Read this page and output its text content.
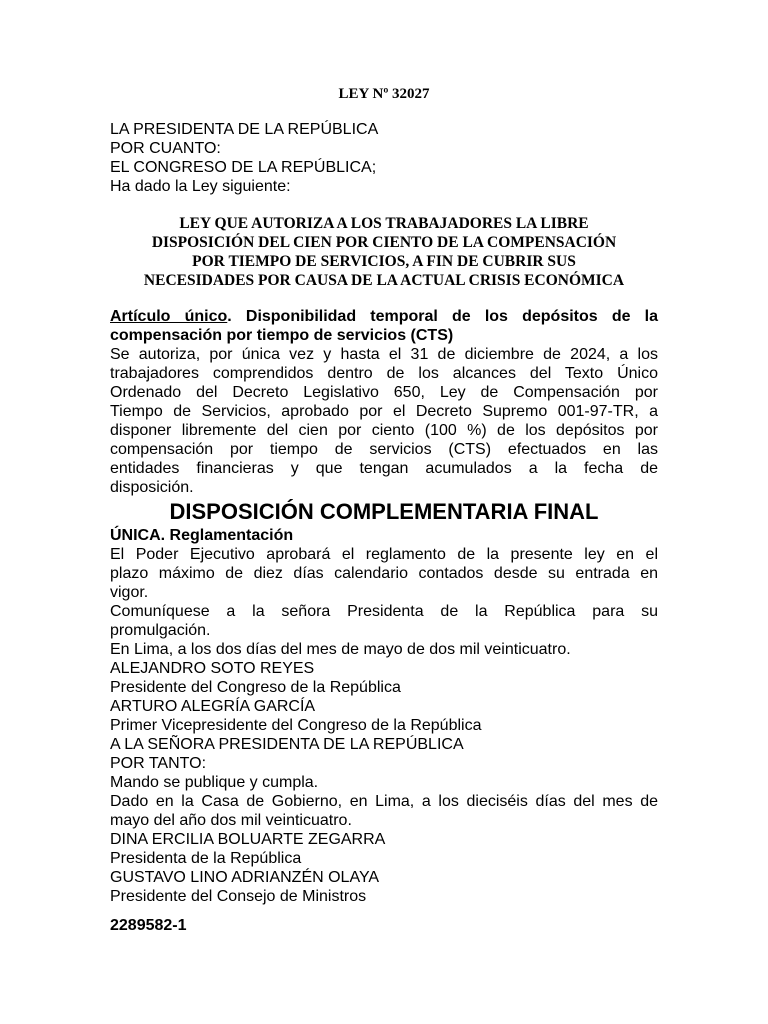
LEY Nº 32027
LA PRESIDENTA DE LA REPÚBLICA
POR CUANTO:
EL CONGRESO DE LA REPÚBLICA;
Ha dado la Ley siguiente:
LEY QUE AUTORIZA A LOS TRABAJADORES LA LIBRE
DISPOSICIÓN DEL CIEN POR CIENTO DE LA COMPENSACIÓN
POR TIEMPO DE SERVICIOS, A FIN DE CUBRIR SUS
NECESIDADES POR CAUSA DE LA ACTUAL CRISIS ECONÓMICA
Artículo único. Disponibilidad temporal de los depósitos de la
compensación por tiempo de servicios (CTS)
Se autoriza, por única vez y hasta el 31 de diciembre de 2024, a los
trabajadores comprendidos dentro de los alcances del Texto Único
Ordenado del Decreto Legislativo 650, Ley de Compensación por
Tiempo de Servicios, aprobado por el Decreto Supremo 001-97-TR, a
disponer libremente del cien por ciento (100 %) de los depósitos por
compensación por tiempo de servicios (CTS) efectuados en las
entidades financieras y que tengan acumulados a la fecha de
disposición.
DISPOSICIÓN COMPLEMENTARIA FINAL
ÚNICA. Reglamentación
El Poder Ejecutivo aprobará el reglamento de la presente ley en el
plazo máximo de diez días calendario contados desde su entrada en
vigor.
Comuníquese a la señora Presidenta de la República para su
promulgación.
En Lima, a los dos días del mes de mayo de dos mil veinticuatro.
ALEJANDRO SOTO REYES
Presidente del Congreso de la República
ARTURO ALEGRÍA GARCÍA
Primer Vicepresidente del Congreso de la República
A LA SEÑORA PRESIDENTA DE LA REPÚBLICA
POR TANTO:
Mando se publique y cumpla.
Dado en la Casa de Gobierno, en Lima, a los dieciséis días del mes de
mayo del año dos mil veinticuatro.
DINA ERCILIA BOLUARTE ZEGARRA
Presidenta de la República
GUSTAVO LINO ADRIANZÉN OLAYA
Presidente del Consejo de Ministros
2289582-1
